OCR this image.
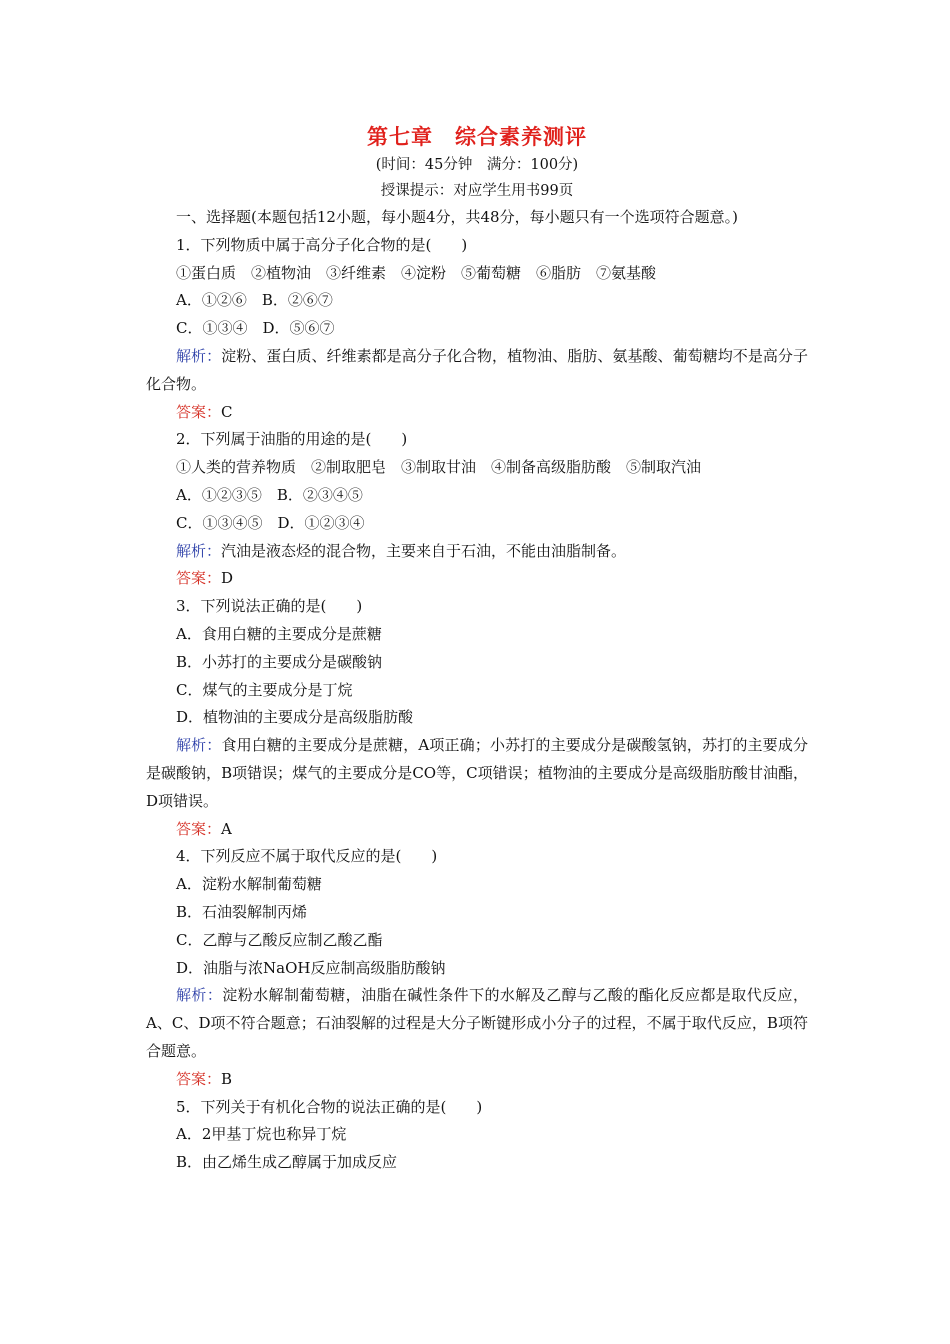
第七章　综合素养测评

(时间：45分钟　满分：100分)

授课提示：对应学生用书99页

一、选择题(本题包括12小题，每小题4分，共48分，每小题只有一个选项符合题意。)

1．下列物质中属于高分子化合物的是(　　)

①蛋白质　②植物油　③纤维素　④淀粉　⑤葡萄糖　⑥脂肪　⑦氨基酸

A．①②⑥　B．②⑥⑦

C．①③④　D．⑤⑥⑦

解析：淀粉、蛋白质、纤维素都是高分子化合物，植物油、脂肪、氨基酸、葡萄糖均不是高分子化合物。

答案：C

2．下列属于油脂的用途的是(　　)

①人类的营养物质　②制取肥皂　③制取甘油　④制备高级脂肪酸　⑤制取汽油

A．①②③⑤　B．②③④⑤

C．①③④⑤　D．①②③④

解析：汽油是液态烃的混合物，主要来自于石油，不能由油脂制备。

答案：D

3．下列说法正确的是(　　)

A．食用白糖的主要成分是蔗糖

B．小苏打的主要成分是碳酸钠

C．煤气的主要成分是丁烷

D．植物油的主要成分是高级脂肪酸

解析：食用白糖的主要成分是蔗糖，A项正确；小苏打的主要成分是碳酸氢钠，苏打的主要成分是碳酸钠，B项错误；煤气的主要成分是CO等，C项错误；植物油的主要成分是高级脂肪酸甘油酯，D项错误。

答案：A

4．下列反应不属于取代反应的是(　　)

A．淀粉水解制葡萄糖

B．石油裂解制丙烯

C．乙醇与乙酸反应制乙酸乙酯

D．油脂与浓NaOH反应制高级脂肪酸钠

解析：淀粉水解制葡萄糖，油脂在碱性条件下的水解及乙醇与乙酸的酯化反应都是取代反应，A、C、D项不符合题意；石油裂解的过程是大分子断键形成小分子的过程，不属于取代反应，B项符合题意。

答案：B

5．下列关于有机化合物的说法正确的是(　　)

A．2甲基丁烷也称异丁烷

B．由乙烯生成乙醇属于加成反应
